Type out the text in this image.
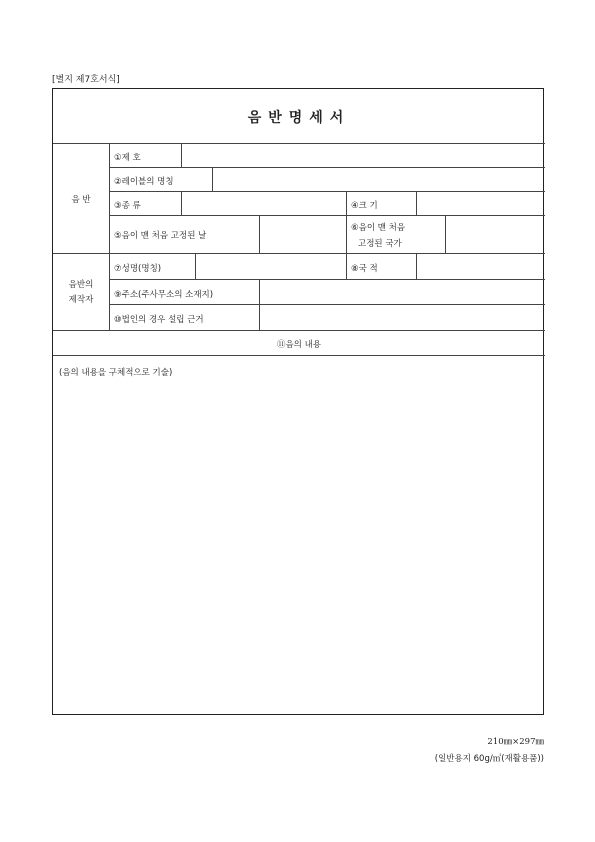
[별지 제7호서식]
음반명세서
음 반
음반의
제작자
①제 호
②레이블의 명칭
③종 류	④크 기
⑤음이 맨 처음 고정된 날
⑥음이 맨 처음
고정된 국가
⑦성명(명칭)	⑧국 적
⑨주소(주사무소의 소재지)
⑩법인의 경우 설립 근거
⑪음의 내용
(음의 내용을 구체적으로 기술)
210㎜×297㎜
(일반용지 60g/㎡(재활용품))
